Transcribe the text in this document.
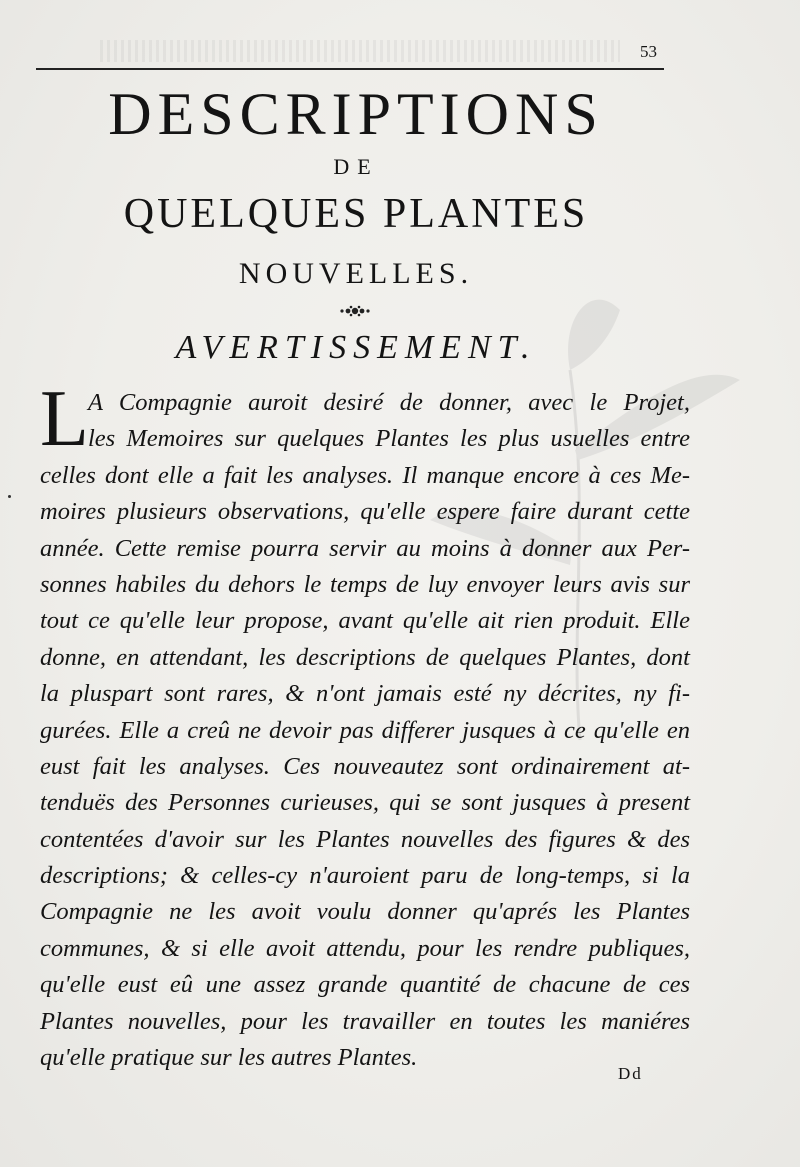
53
DESCRIPTIONS
DE
QUELQUES PLANTES
NOUVELLES.
AVERTISSEMENT.
L A Compagnie auroit desiré de donner, avec le Projet,
les Memoires sur quelques Plantes les plus usuelles entre
celles dont elle a fait les analyses. Il manque encore à ces Me-
moires plusieurs observations, qu'elle espere faire durant cette
année. Cette remise pourra servir au moins à donner aux Per-
sonnes habiles du dehors le temps de luy envoyer leurs avis sur
tout ce qu'elle leur propose, avant qu'elle ait rien produit. Elle
donne, en attendant, les descriptions de quelques Plantes, dont
la pluspart sont rares, & n'ont jamais esté ny décrites, ny fi-
gurées. Elle a creû ne devoir pas differer jusques à ce qu'elle en
eust fait les analyses. Ces nouveautez sont ordinairement at-
tenduës des Personnes curieuses, qui se sont jusques à present
contentées d'avoir sur les Plantes nouvelles des figures & des
descriptions; & celles-cy n'auroient paru de long-temps, si la
Compagnie ne les avoit voulu donner qu'aprés les Plantes
communes, & si elle avoit attendu, pour les rendre publiques,
qu'elle eust eû une assez grande quantité de chacune de ces
Plantes nouvelles, pour les travailler en toutes les maniéres
qu'elle pratique sur les autres Plantes.
Dd
